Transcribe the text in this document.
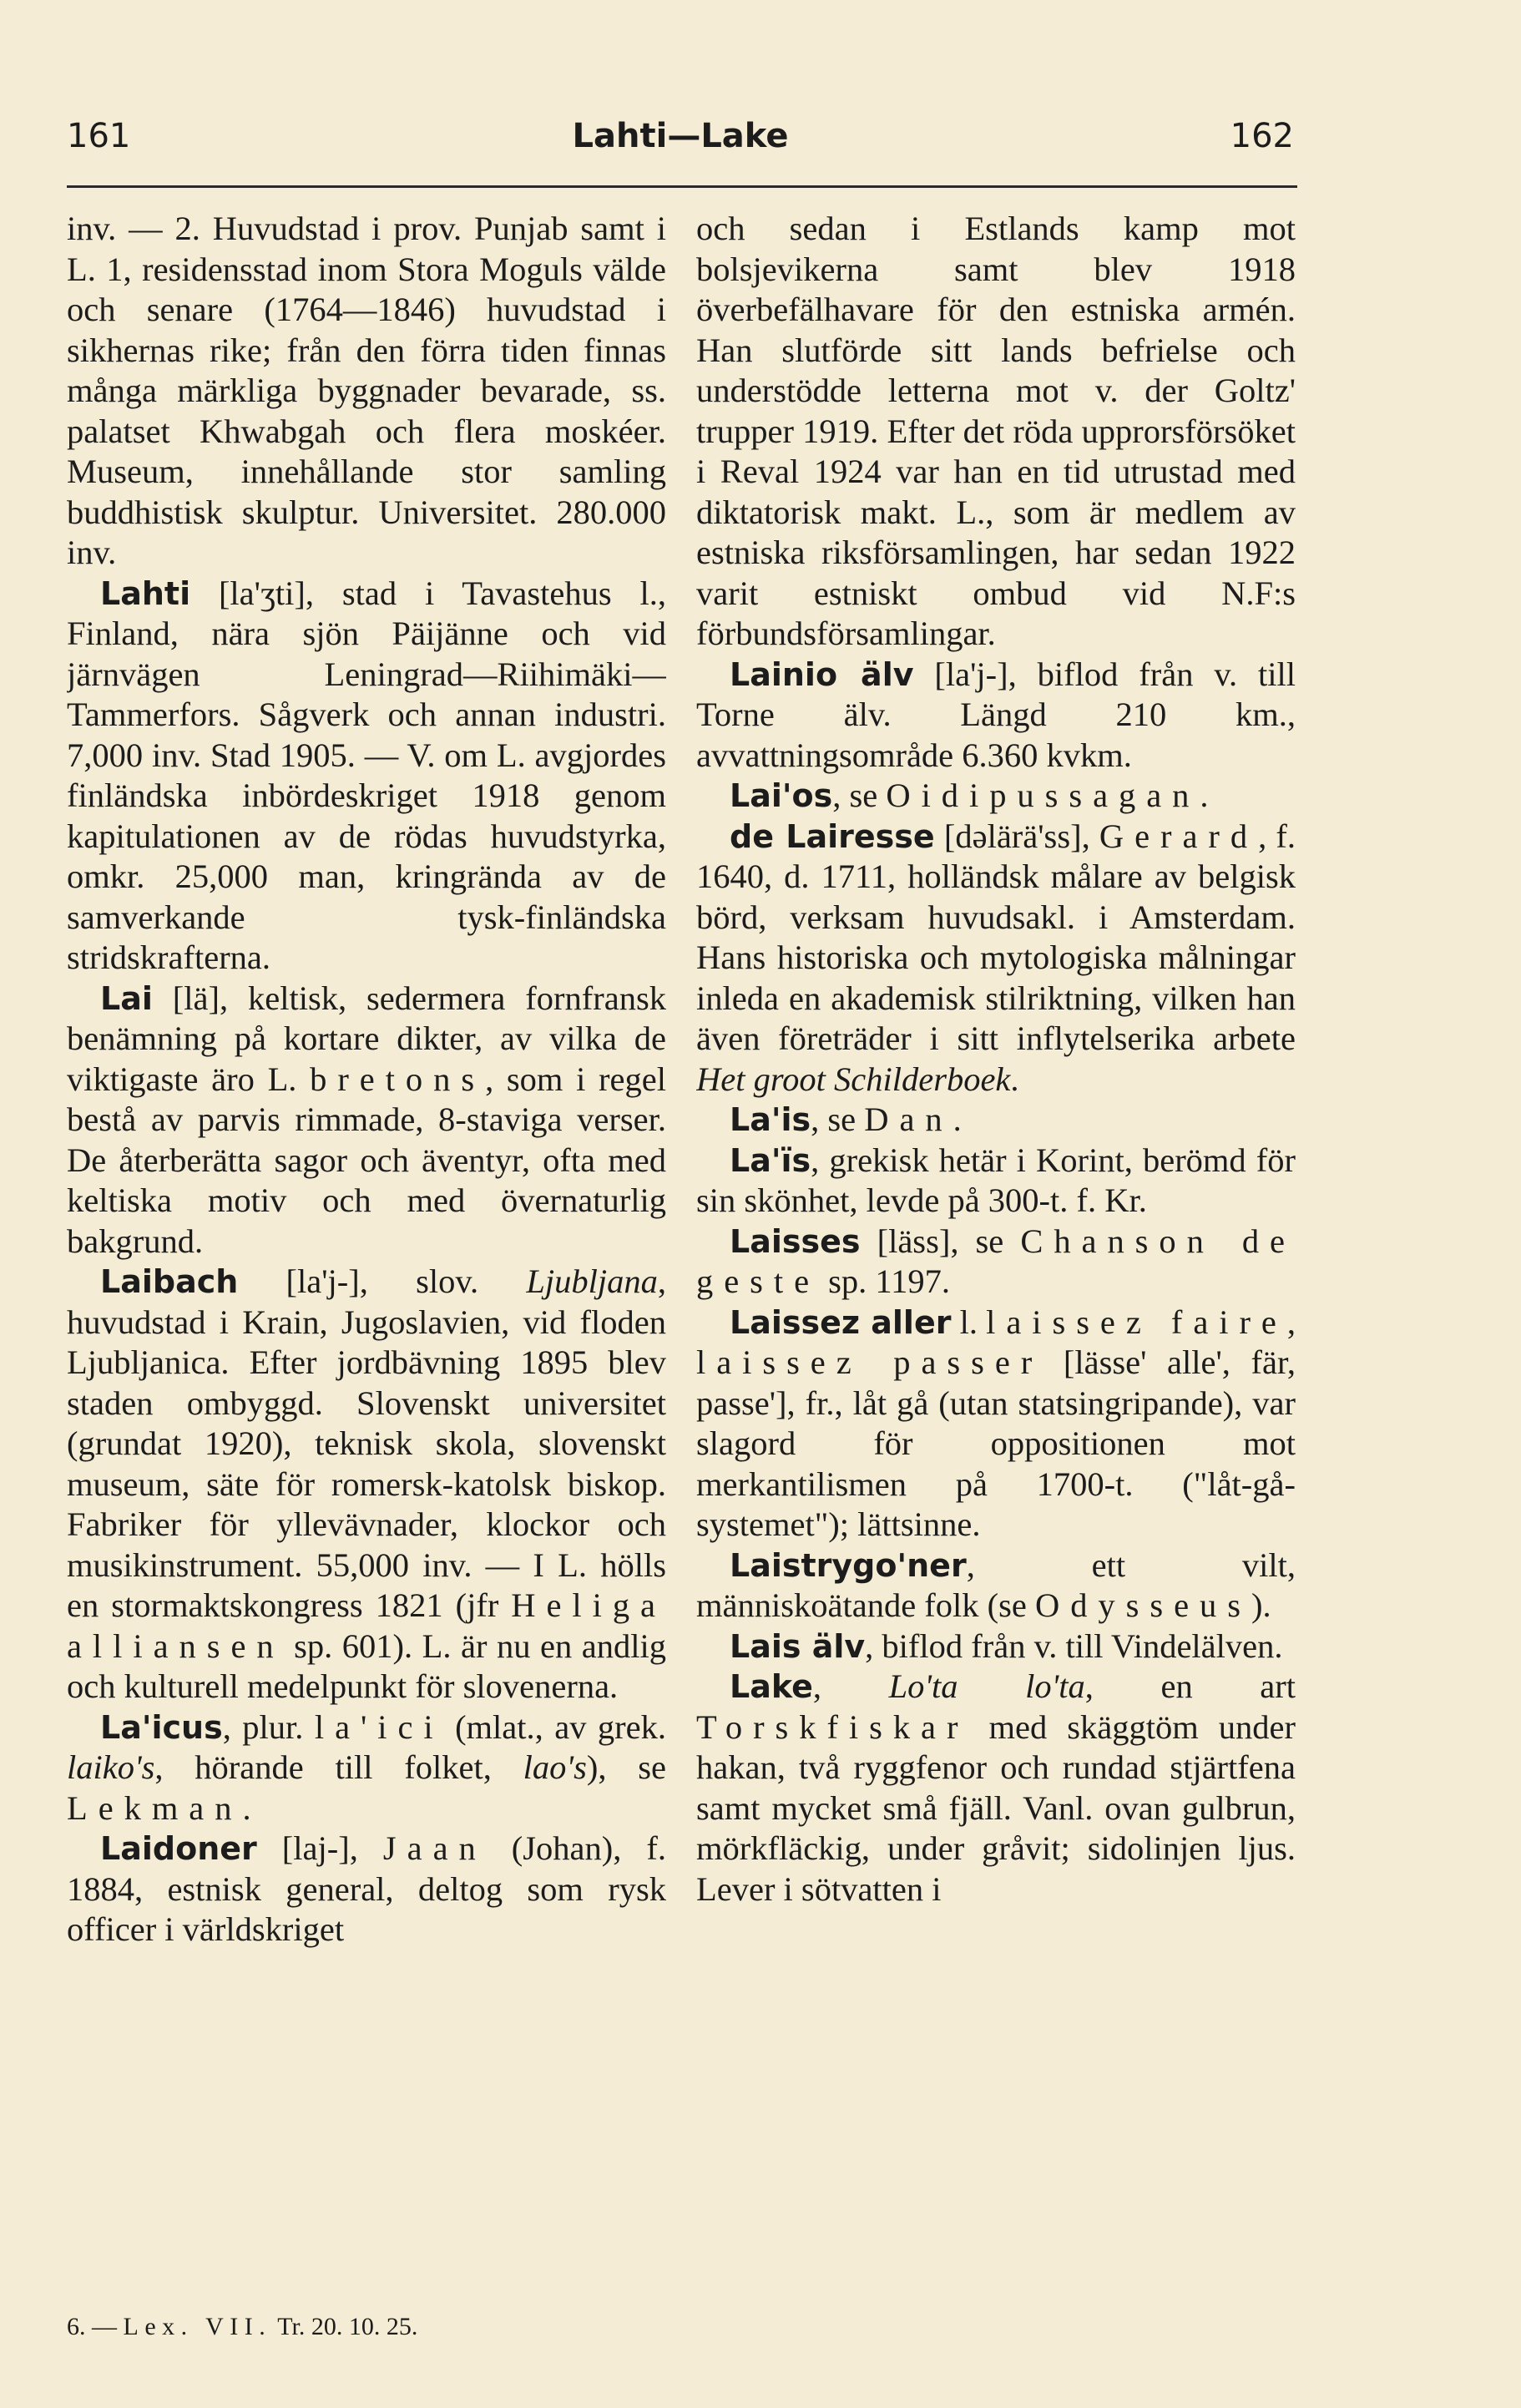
161	Lahti—Lake	162

inv. — 2. Huvudstad i prov. Punjab samt i L. 1, residensstad inom Stora Moguls välde och senare (1764—1846) huvudstad i sikhernas rike; från den förra tiden finnas många märkliga byggnader bevarade, ss. palatset Khwabgah och flera moskéer. Museum, innehållande stor samling buddhistisk skulptur. Universitet. 280.000 inv.

Lahti [la'ʒti], stad i Tavastehus l., Finland, nära sjön Päijänne och vid järnvägen Leningrad—Riihimäki—Tammerfors. Sågverk och annan industri. 7,000 inv. Stad 1905. — V. om L. avgjordes finländska inbördeskriget 1918 genom kapitulationen av de rödas huvudstyrka, omkr. 25,000 man, kringrända av de samverkande tysk-finländska stridskrafterna.

Lai [lä], keltisk, sedermera fornfransk benämning på kortare dikter, av vilka de viktigaste äro L. bretons, som i regel bestå av parvis rimmade, 8-staviga verser. De återberätta sagor och äventyr, ofta med keltiska motiv och med övernaturlig bakgrund.

Laibach [la'j-], slov. Ljubljana, huvudstad i Krain, Jugoslavien, vid floden Ljubljanica. Efter jordbävning 1895 blev staden ombyggd. Slovenskt universitet (grundat 1920), teknisk skola, slovenskt museum, säte för romersk-katolsk biskop. Fabriker för yllevävnader, klockor och musikinstrument. 55,000 inv. — I L. hölls en stormaktskongress 1821 (jfr Heliga alliansen sp. 601). L. är nu en andlig och kulturell medelpunkt för slovenerna.

La'icus, plur. la'ici (mlat., av grek. laiko's, hörande till folket, lao's), se Lekman.

Laidoner [laj-], Jaan (Johan), f. 1884, estnisk general, deltog som rysk officer i världskriget

och sedan i Estlands kamp mot bolsjevikerna samt blev 1918 överbefälhavare för den estniska armén. Han slutförde sitt lands befrielse och understödde letterna mot v. der Goltz' trupper 1919. Efter det röda upprorsförsöket i Reval 1924 var han en tid utrustad med diktatorisk makt. L., som är medlem av estniska riksförsamlingen, har sedan 1922 varit estniskt ombud vid N.F:s förbundsförsamlingar.

Lainio älv [la'j-], biflod från v. till Torne älv. Längd 210 km., avvattningsområde 6.360 kvkm.

Lai'os, se Oidipussagan.

de Lairesse [dəlärä'ss], Gerard, f. 1640, d. 1711, holländsk målare av belgisk börd, verksam huvudsakl. i Amsterdam. Hans historiska och mytologiska målningar inleda en akademisk stilriktning, vilken han även företräder i sitt inflytelserika arbete Het groot Schilderboek.

La'is, se Dan.

La'ïs, grekisk hetär i Korint, berömd för sin skönhet, levde på 300-t. f. Kr.

Laisses [läss], se Chanson de geste sp. 1197.

Laissez aller l. laissez faire, laissez passer [lässe' alle', fär, passe'], fr., låt gå (utan statsingripande), var slagord för oppositionen mot merkantilismen på 1700-t. ("låt-gå-systemet"); lättsinne.

Laistrygo'ner, ett vilt, människoätande folk (se Odysseus).

Lais älv, biflod från v. till Vindelälven.

Lake, Lo'ta lo'ta, en art Torskfiskar med skäggtöm under hakan, två ryggfenor och rundad stjärtfena samt mycket små fjäll. Vanl. ovan gulbrun, mörkfläckig, under gråvit; sidolinjen ljus. Lever i sötvatten i

6. — Lex. VII. Tr. 20. 10. 25.
